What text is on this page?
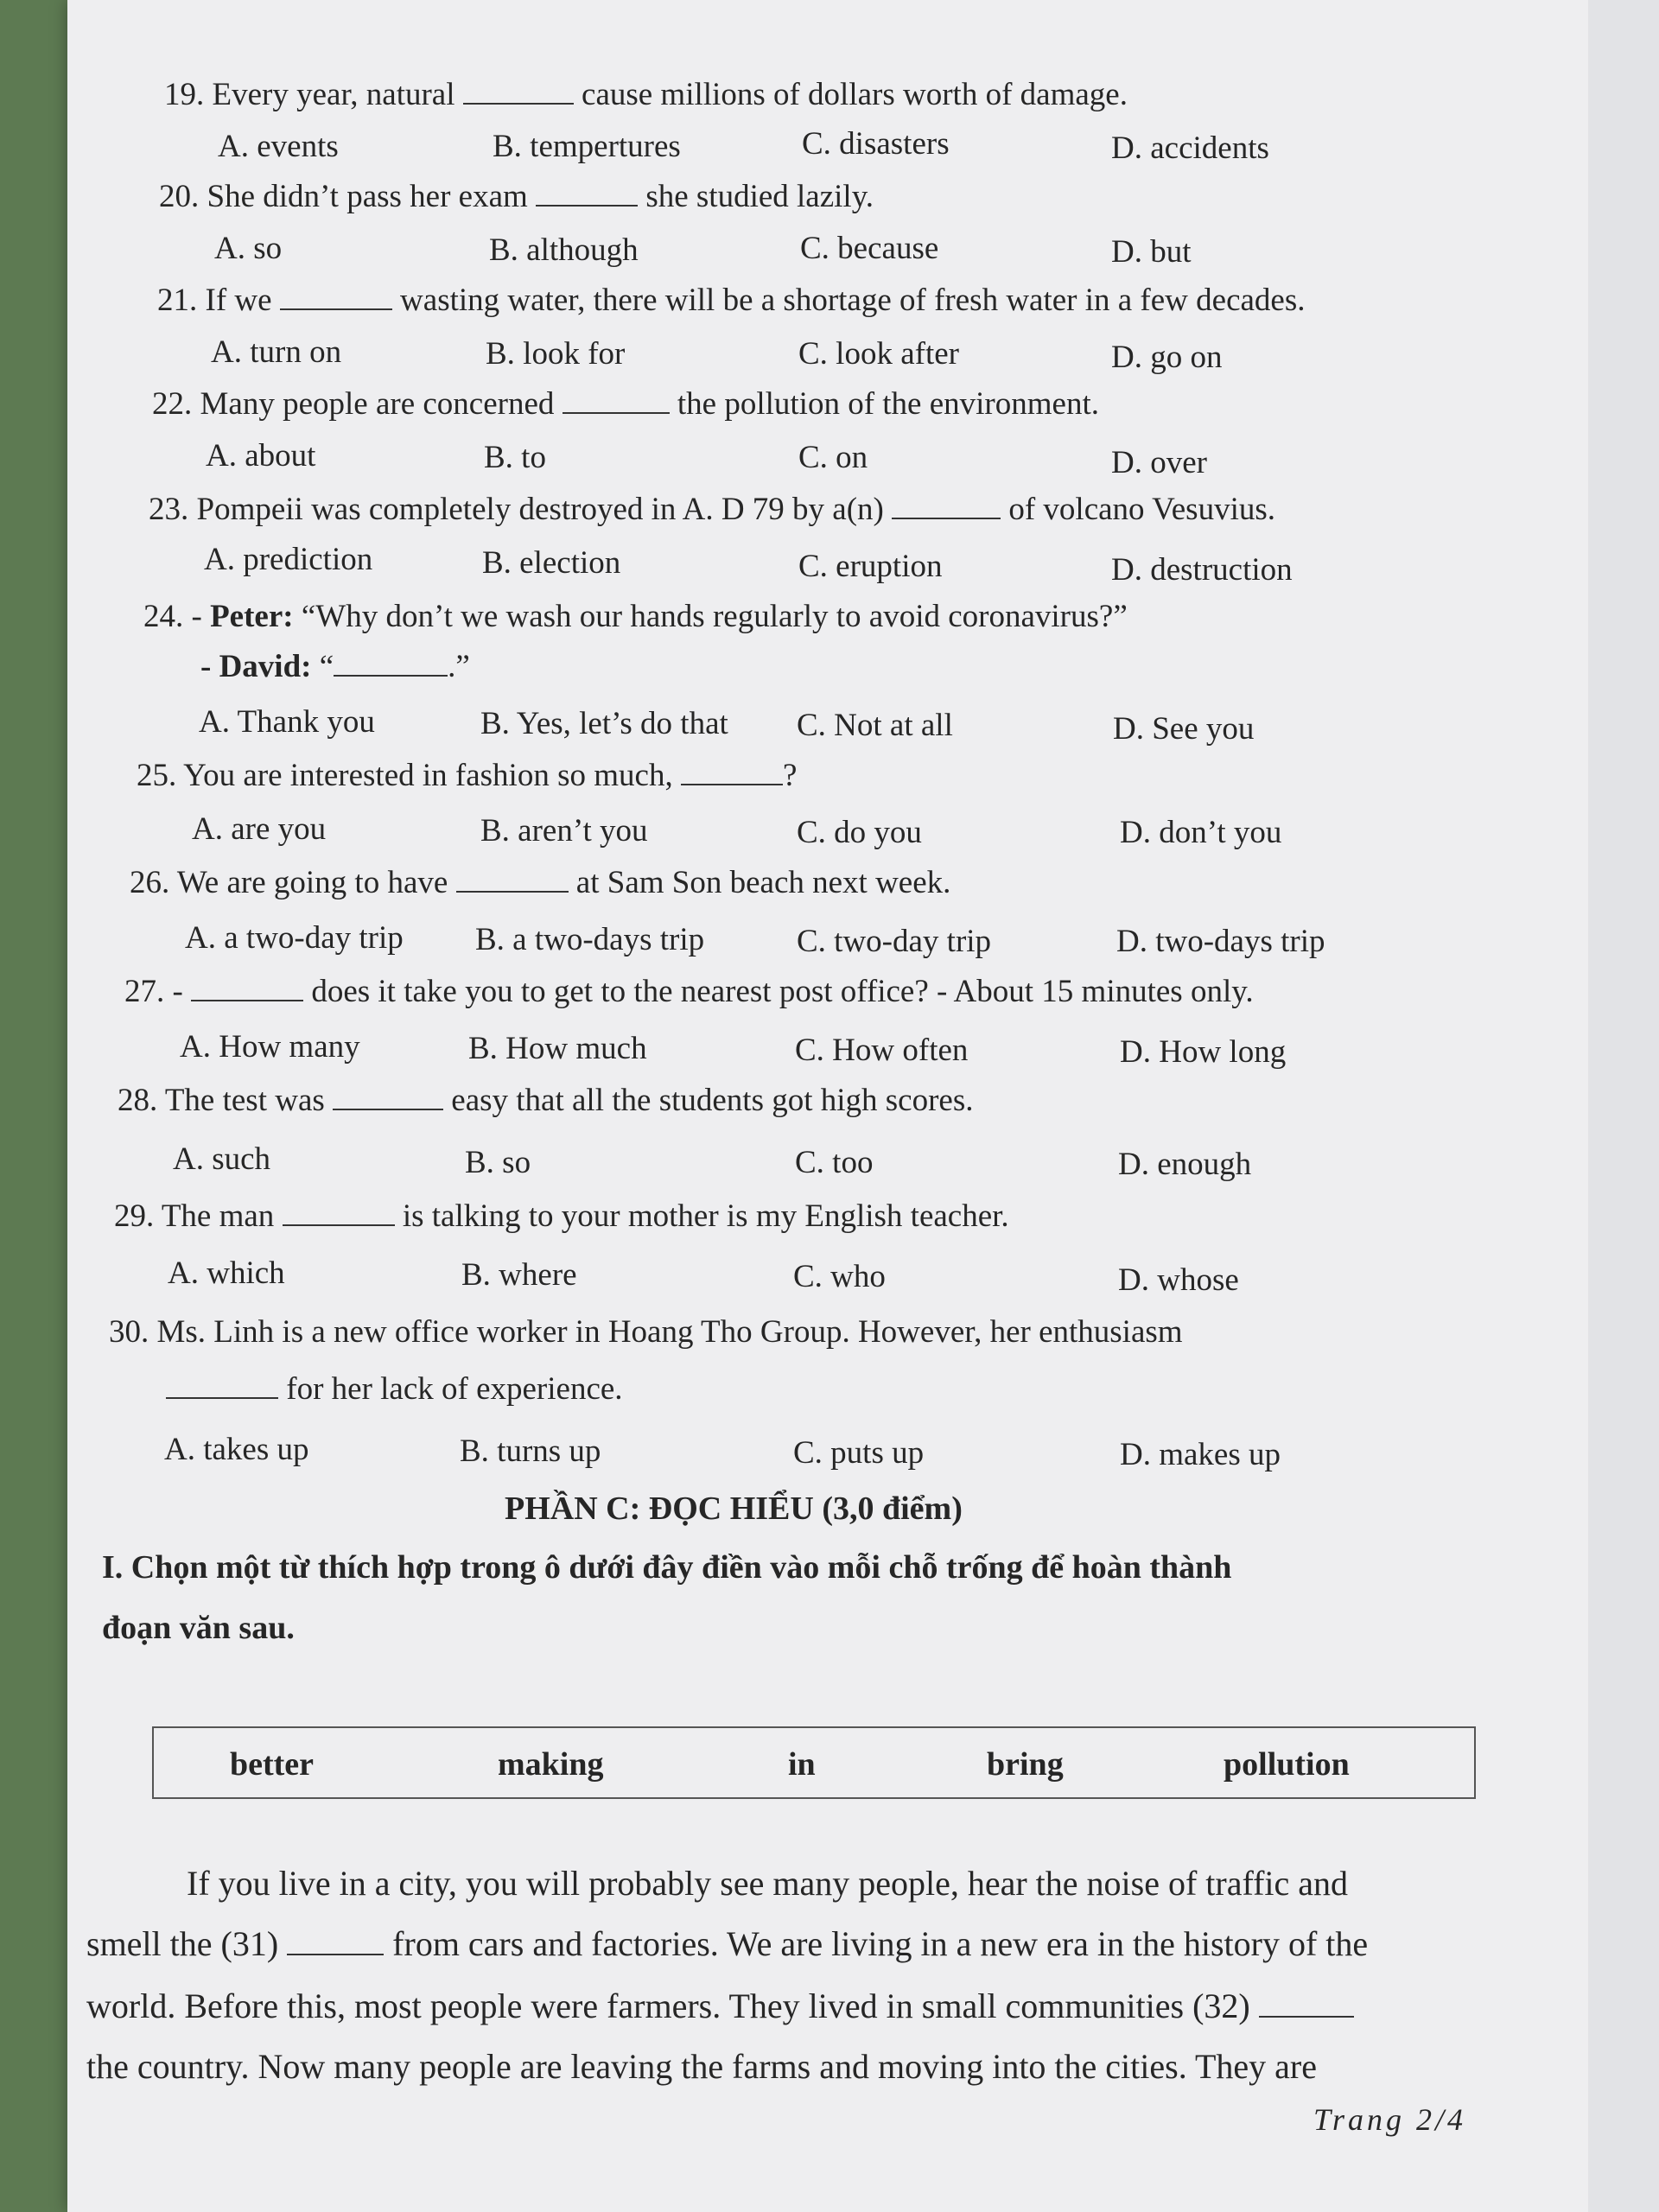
19. Every year, natural	cause millions of dollars worth of damage.
A. events	B. tempertures	C. disasters	D. accidents
20. She didn’t pass her exam	she studied lazily.
A. so	B. although	C. because	D. but
21. If we	wasting water, there will be a shortage of fresh water in a few decades.
A. turn on	B. look for	C. look after	D. go on
22. Many people are concerned	the pollution of the environment.
A. about	B. to	C. on	D. over
23. Pompeii was completely destroyed in A. D 79 by a(n)	of volcano Vesuvius.
A. prediction	B. election	C. eruption	D. destruction
24. - Peter: “Why don’t we wash our hands regularly to avoid coronavirus?”
- David: “	.”
A. Thank you	B. Yes, let’s do that C. Not at all	D. See you
25. You are interested in fashion so much,	?
A. are you	B. aren’t you	C. do you	D. don’t you
26. We are going to have	at Sam Son beach next week.
A. a two-day trip B. a two-days trip	C. two-day trip	D. two-days trip
27. -	does it take you to get to the nearest post office? - About 15 minutes only.
A. How many	B. How much	C. How often	D. How long
28. The test was	easy that all the students got high scores.
A. such	B. so	C. too	D. enough
29. The man	is talking to your mother is my English teacher.
A. which	B. where	C. who	D. whose
30. Ms. Linh is a new office worker in Hoang Tho Group. However, her enthusiasm
for her lack of experience.
A. takes up	B. turns up	C. puts up	D. makes up
PHẦN C: ĐỌC HIỂU (3,0 điểm)
I. Chọn một từ thích hợp trong ô dưới đây điền vào mỗi chỗ trống để hoàn thành
đoạn văn sau.
better	making	in	bring	pollution
If you live in a city, you will probably see many people, hear the noise of traffic and
smell the (31)	from cars and factories. We are living in a new era in the history of the
world. Before this, most people were farmers. They lived in small communities (32)
the country. Now many people are leaving the farms and moving into the cities. They are
Trang 2/4
